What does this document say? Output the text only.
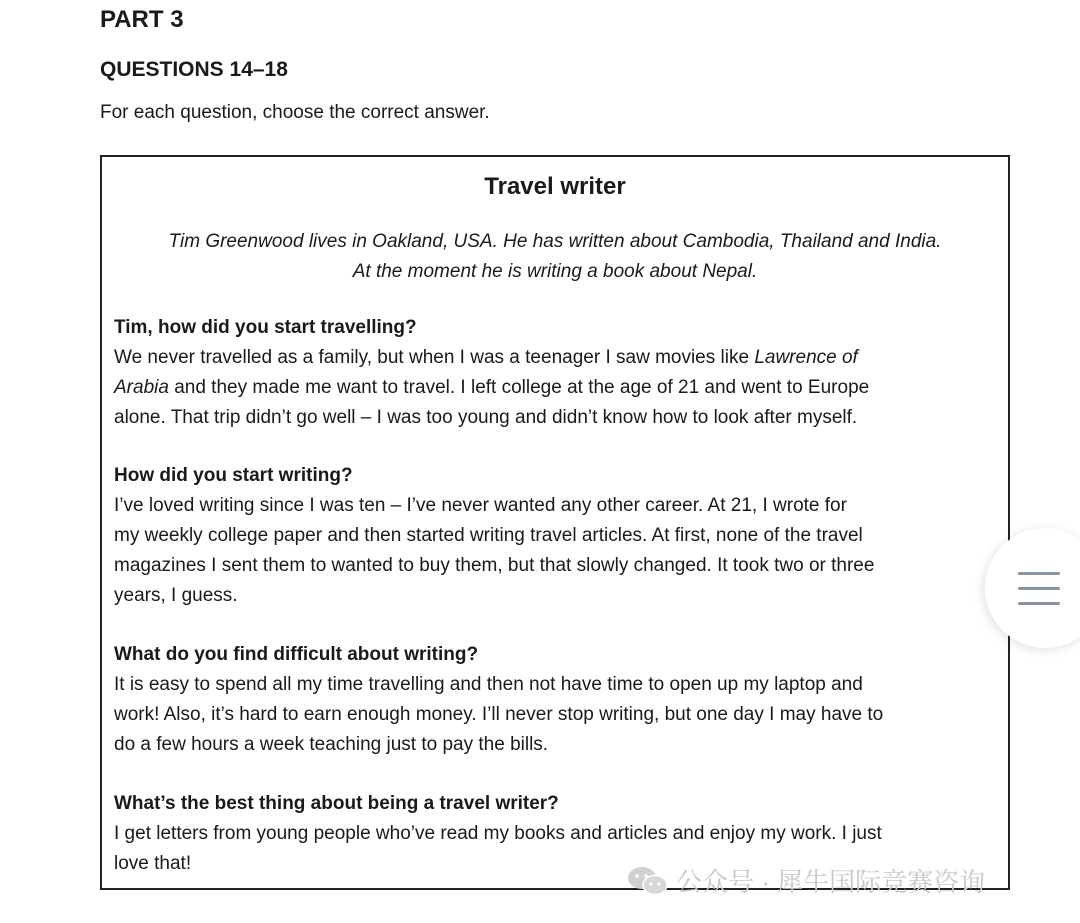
PART 3
QUESTIONS 14–18

For each question, choose the correct answer.

Travel writer
Tim Greenwood lives in Oakland, USA. He has written about Cambodia, Thailand and India.
At the moment he is writing a book about Nepal.

Tim, how did you start travelling?

We never travelled as a family, but when I was a teenager I saw movies like Lawrence of

Arabia and they made me want to travel. I left college at the age of 21 and went to Europe

alone. That trip didn’t go well – I was too young and didn’t know how to look after myself.

How did you start writing?

I’ve loved writing since I was ten – I’ve never wanted any other career. At 21, I wrote for

my weekly college paper and then started writing travel articles. At first, none of the travel

magazines I sent them to wanted to buy them, but that slowly changed. It took two or three

years, I guess.

What do you find difficult about writing?

It is easy to spend all my time travelling and then not have time to open up my laptop and

work! Also, it’s hard to earn enough money. I’ll never stop writing, but one day I may have to

do a few hours a week teaching just to pay the bills.

What’s the best thing about being a travel writer?

I get letters from young people who’ve read my books and articles and enjoy my work. I just

love that!

公众号 · 犀牛国际竞赛咨询
